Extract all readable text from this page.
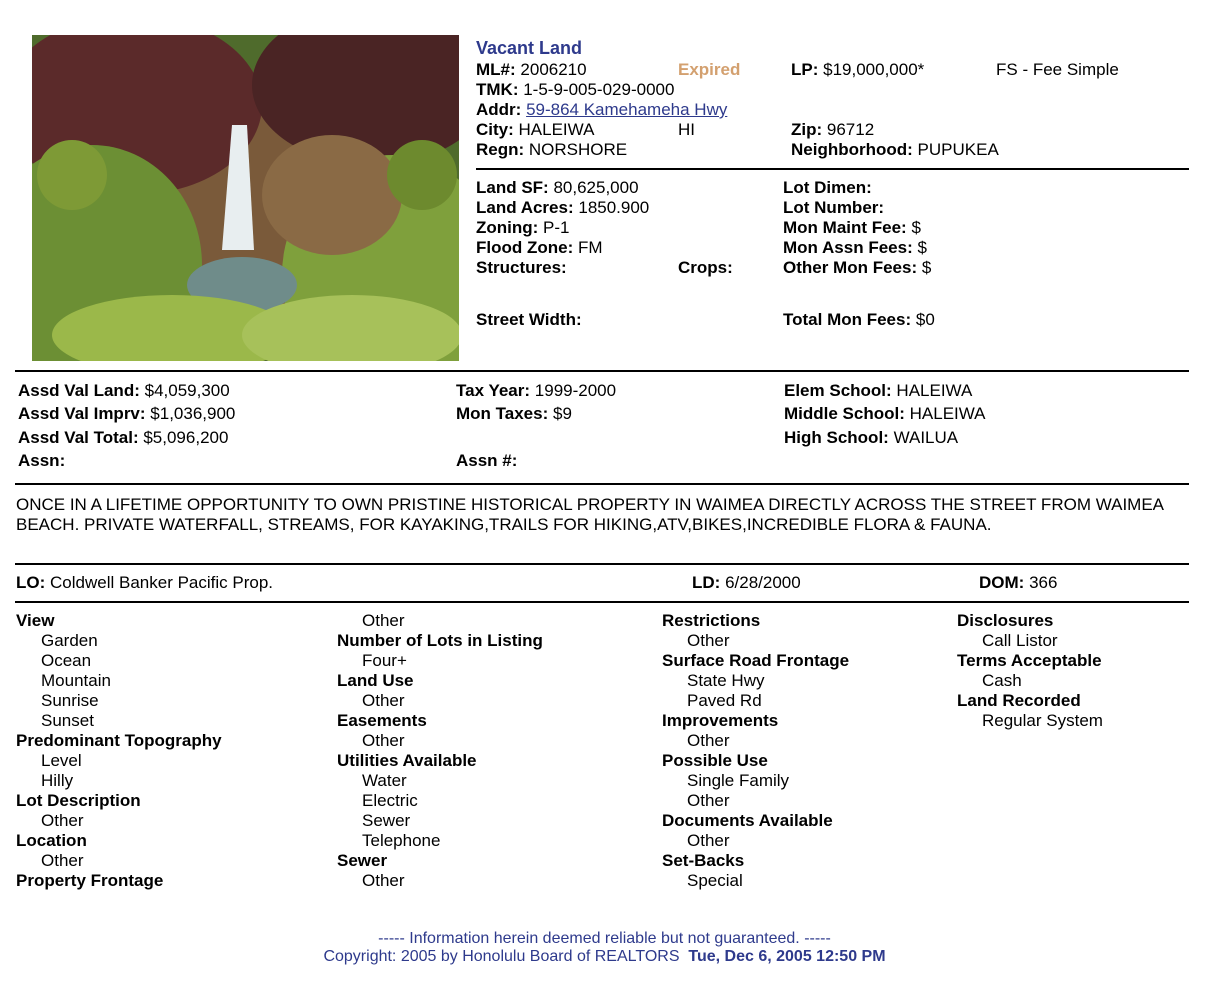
Vacant Land
ML#: 2006210	Expired	LP: $19,000,000*	FS - Fee Simple
TMK: 1-5-9-005-029-0000
Addr: 59-864 Kamehameha Hwy
City: HALEIWA	HI	Zip: 96712
Regn: NORSHORE	Neighborhood: PUPUKEA
Land SF: 80,625,000
Land Acres: 1850.900
Zoning: P-1
Flood Zone: FM
Structures:	Crops:
Street Width:
Lot Dimen:
Lot Number:
Mon Maint Fee: $
Mon Assn Fees: $
Other Mon Fees: $
Total Mon Fees: $0
Assd Val Land: $4,059,300
Assd Val Imprv: $1,036,900
Assd Val Total: $5,096,200
Assn:
Tax Year: 1999-2000
Mon Taxes: $9
Assn #:
Elem School: HALEIWA
Middle School: HALEIWA
High School: WAILUA
ONCE IN A LIFETIME OPPORTUNITY TO OWN PRISTINE HISTORICAL PROPERTY IN WAIMEA DIRECTLY ACROSS THE STREET FROM WAIMEA BEACH. PRIVATE WATERFALL, STREAMS, FOR KAYAKING,TRAILS FOR HIKING,ATV,BIKES,INCREDIBLE FLORA & FAUNA.
LO: Coldwell Banker Pacific Prop.	LD: 6/28/2000	DOM: 366
View
Garden
Ocean
Mountain
Sunrise
Sunset
Predominant Topography
Level
Hilly
Lot Description
Other
Location
Other
Property Frontage
Other
Number of Lots in Listing
Four+
Land Use
Other
Easements
Other
Utilities Available
Water
Electric
Sewer
Telephone
Sewer
Other
Restrictions
Other
Surface Road Frontage
State Hwy
Paved Rd
Improvements
Other
Possible Use
Single Family
Other
Documents Available
Other
Set-Backs
Special
Disclosures
Call Listor
Terms Acceptable
Cash
Land Recorded
Regular System
----- Information herein deemed reliable but not guaranteed. -----
Copyright: 2005 by Honolulu Board of REALTORS Tue, Dec 6, 2005 12:50 PM
